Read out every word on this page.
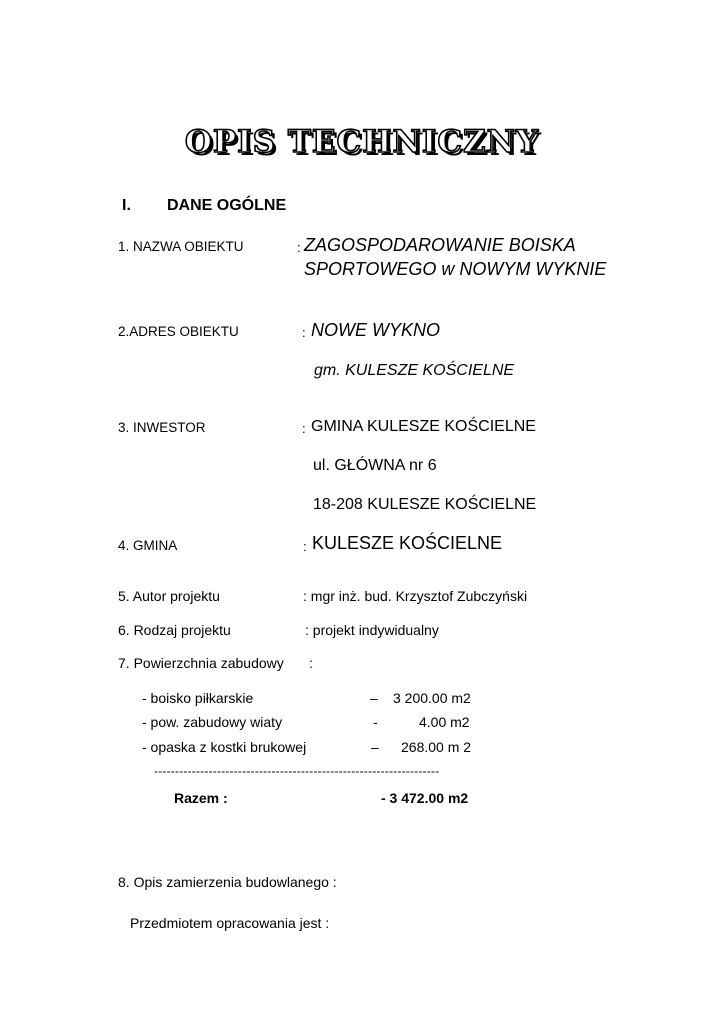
OPIS TECHNICZNY
I. DANE OGÓLNE
1. NAZWA OBIEKTU	: ZAGOSPODAROWANIE BOISKA
SPORTOWEGO w NOWYM WYKNIE
2.ADRES OBIEKTU	: NOWE WYKNO
gm. KULESZE KOŚCIELNE
3. INWESTOR	: GMINA KULESZE KOŚCIELNE
ul. GŁÓWNA nr 6
18-208 KULESZE KOŚCIELNE
4. GMINA	: KULESZE KOŚCIELNE
5. Autor projektu	: mgr inż. bud. Krzysztof Zubczyński
6. Rodzaj projektu	: projekt indywidualny
7. Powierzchnia zabudowy :
- boisko piłkarskie	– 3 200.00 m2
- pow. zabudowy wiaty	-	4.00 m2
- opaska z kostki brukowej	– 268.00 m 2
--------------------------------------------------------------------
Razem :	- 3 472.00 m2
8. Opis zamierzenia budowlanego :
Przedmiotem opracowania jest :
